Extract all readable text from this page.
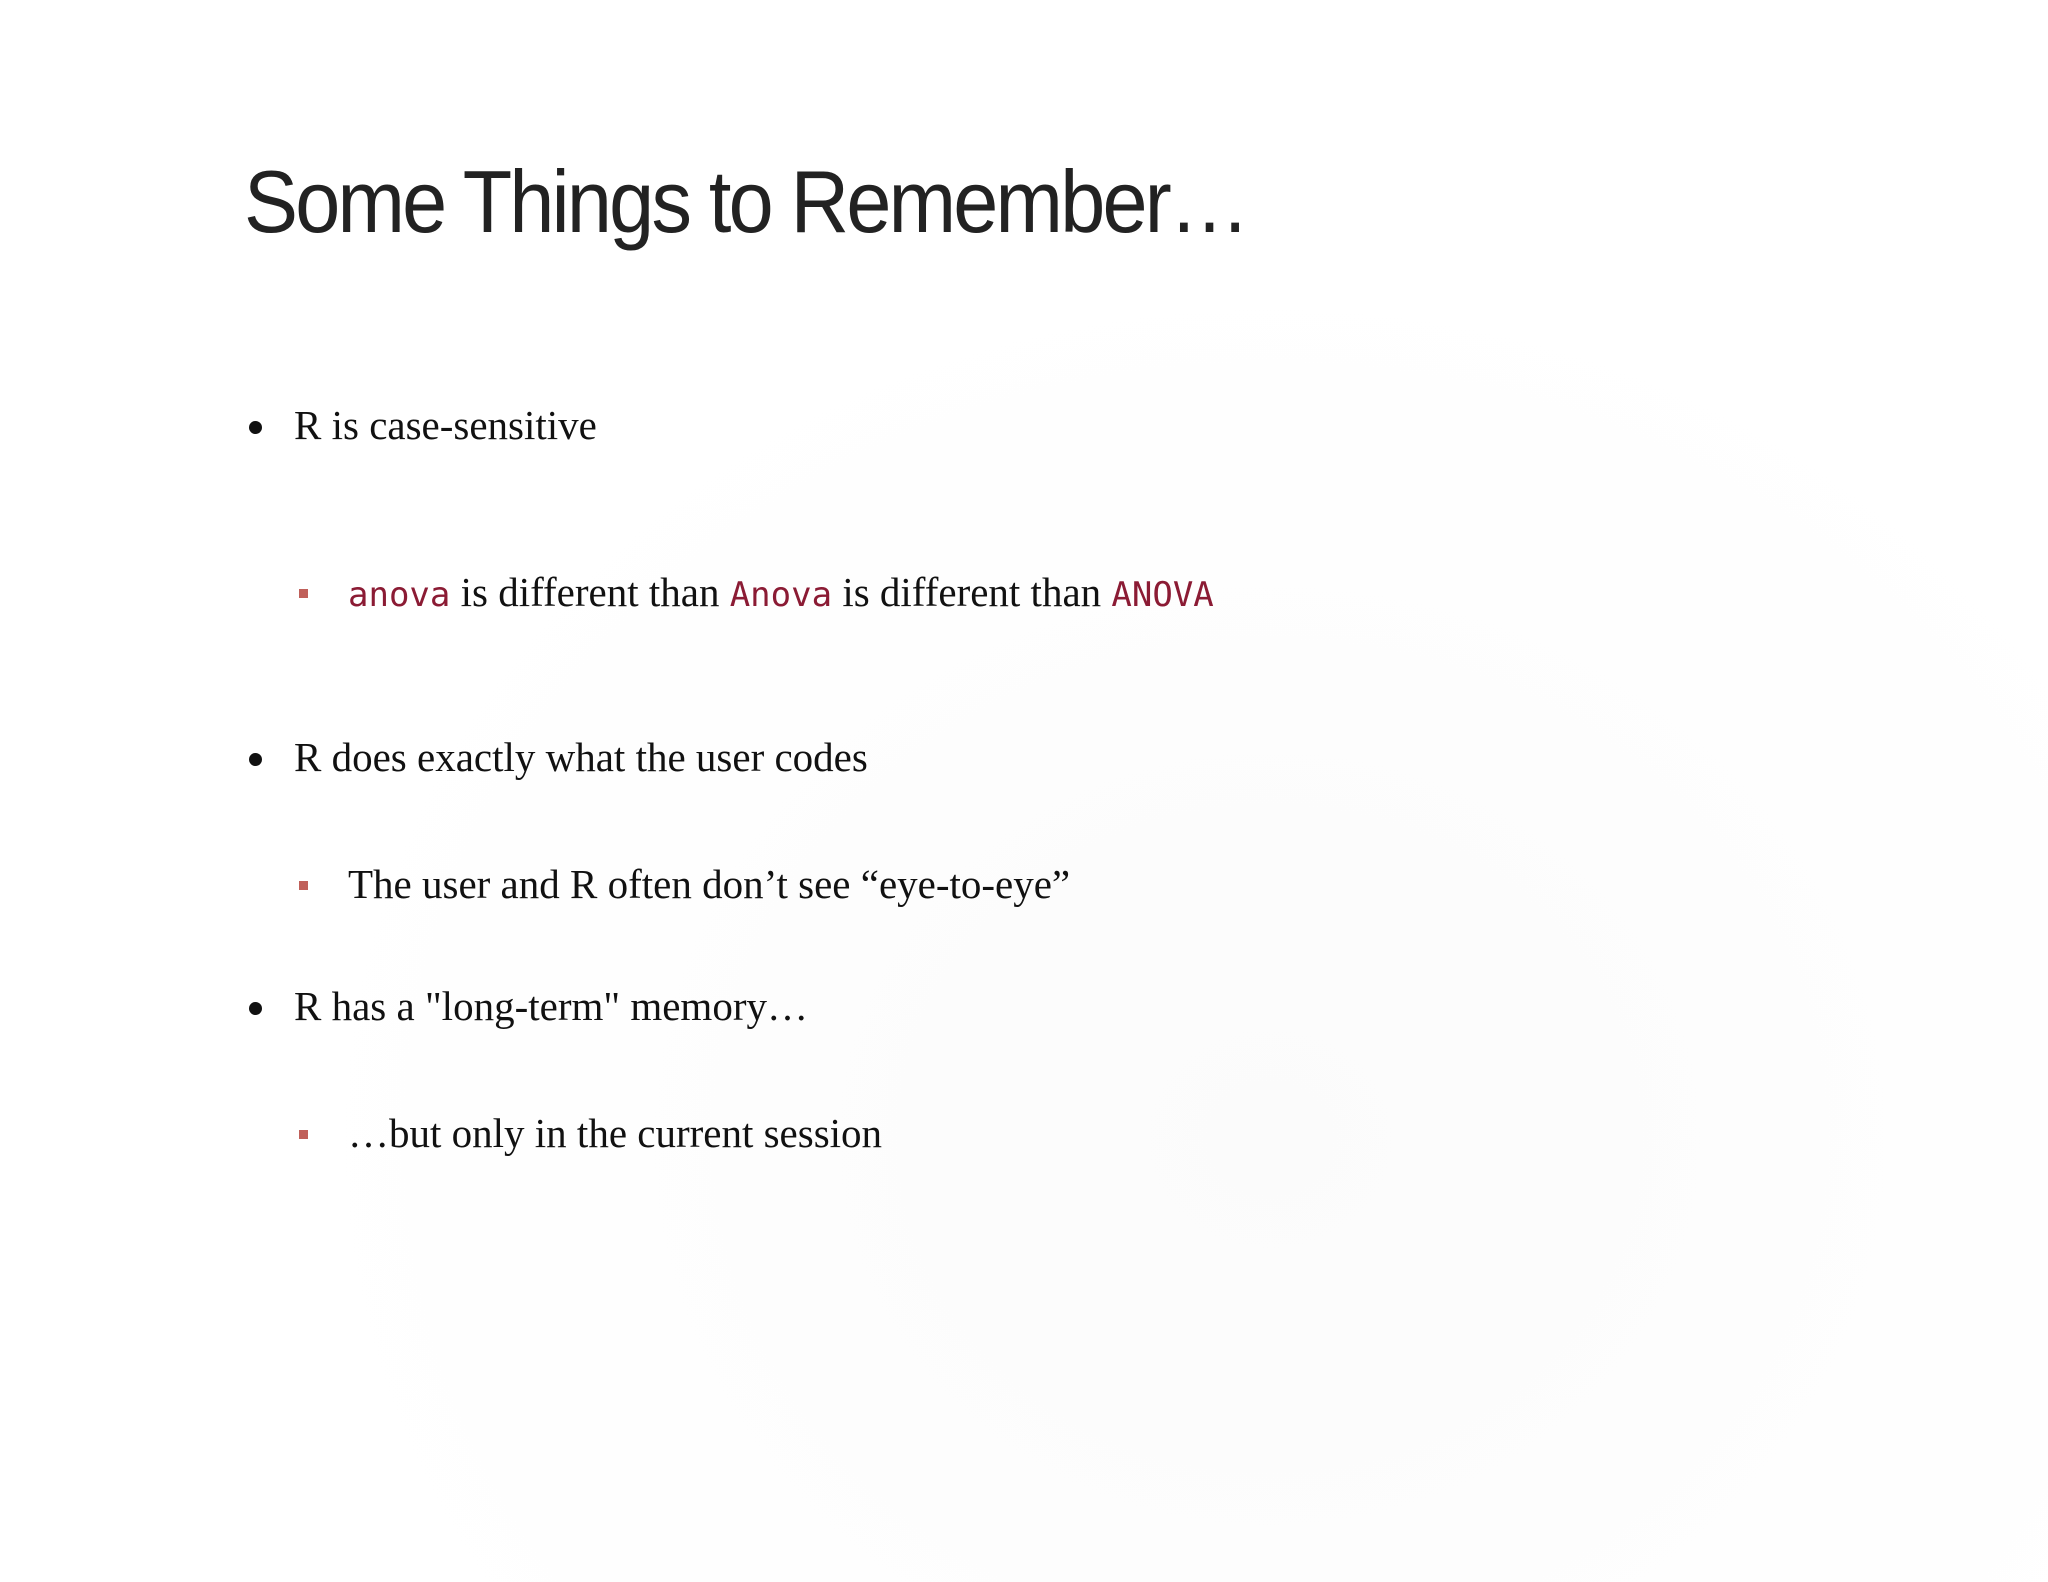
Some Things to Remember…
R is case-sensitive
anova is different than Anova is different than ANOVA
R does exactly what the user codes
The user and R often don’t see “eye-to-eye”
R has a "long-term" memory…
…but only in the current session
